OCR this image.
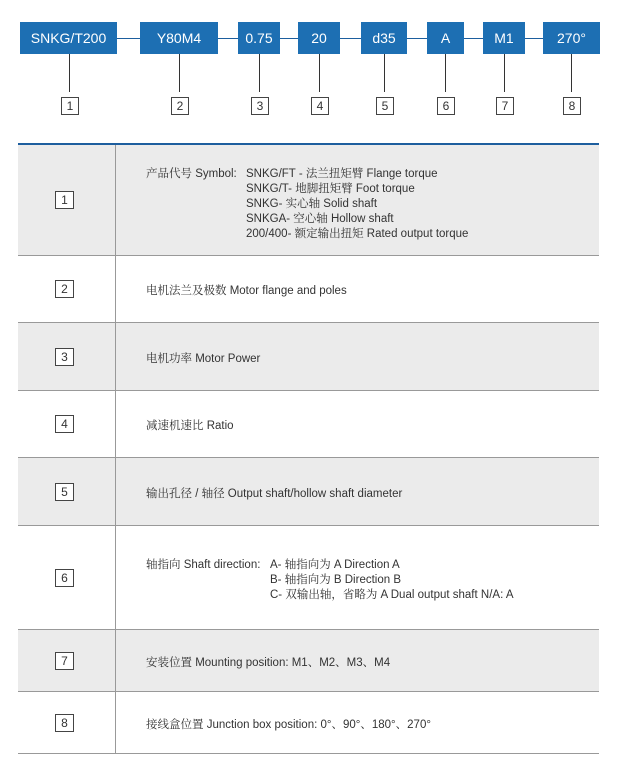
SNKG/T200	Y80M4	0.75	20	d35	A	M1	270°
1	2	3	4	5	6	7	8
1
产品代号 Symbol: SNKG/FT - 法兰扭矩臂 Flange torque
SNKG/T- 地脚扭矩臂 Foot torque
SNKG- 实心轴 Solid shaft
SNKGA- 空心轴 Hollow shaft
200/400- 额定输出扭矩 Rated output torque
2	电机法兰及极数 Motor flange and poles
3	电机功率 Motor Power
4	减速机速比 Ratio
5	输出孔径 / 轴径 Output shaft/hollow shaft diameter
6
轴指向 Shaft direction: A- 轴指向为 A Direction A
B- 轴指向为 B Direction B
C- 双输出轴，省略为 A Dual output shaft N/A: A
7	安装位置 Mounting position: M1、M2、M3、M4
8	接线盒位置 Junction box position: 0°、90°、180°、270°
